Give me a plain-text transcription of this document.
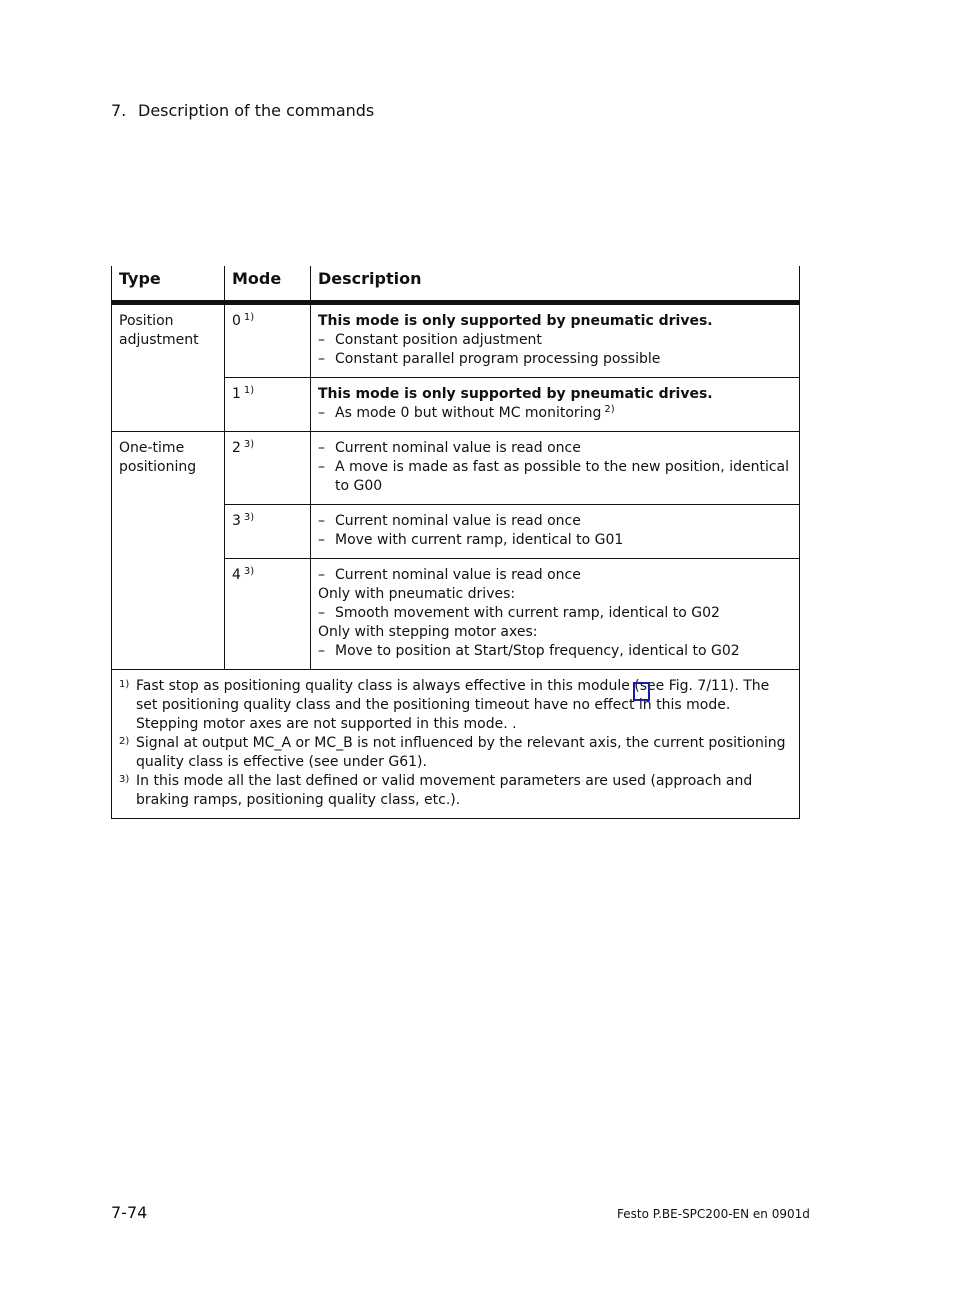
7. Description of the commands
Type	Mode	Description
Position adjustment	0 $^{1)}$	This mode is only supported by pneumatic drives.
– Constant position adjustment
– Constant parallel program processing possible

	1 $^{1)}$	This mode is only supported by pneumatic drives.
– As mode 0 but without MC monitoring $^{2)}$

One-time positioning	2 $^{3)}$	– Current nominal value is read once
– A move is made as fast as possible to the new position, identical to G00

	3 $^{3)}$	– Current nominal value is read once
– Move with current ramp, identical to G01

	4 $^{3)}$	– Current nominal value is read once
Only with pneumatic drives:
– Smooth movement with current ramp, identical to G02
Only with stepping motor axes:
– Move to position at Start/Stop frequency, identical to G02

1) Fast stop as positioning quality class is always effective in this module (see Fig. 7/11). The set positioning quality class and the positioning timeout have no effect in this mode.
Stepping motor axes are not supported in this mode. .
2) Signal at output MC_A or MC_B is not influenced by the relevant axis, the current positioning quality class is effective (see under G61).
3) In this mode all the last defined or valid movement parameters are used (approach and braking ramps, positioning quality class, etc.).		
7-74	Festo P.BE-SPC200-EN en 0901d
